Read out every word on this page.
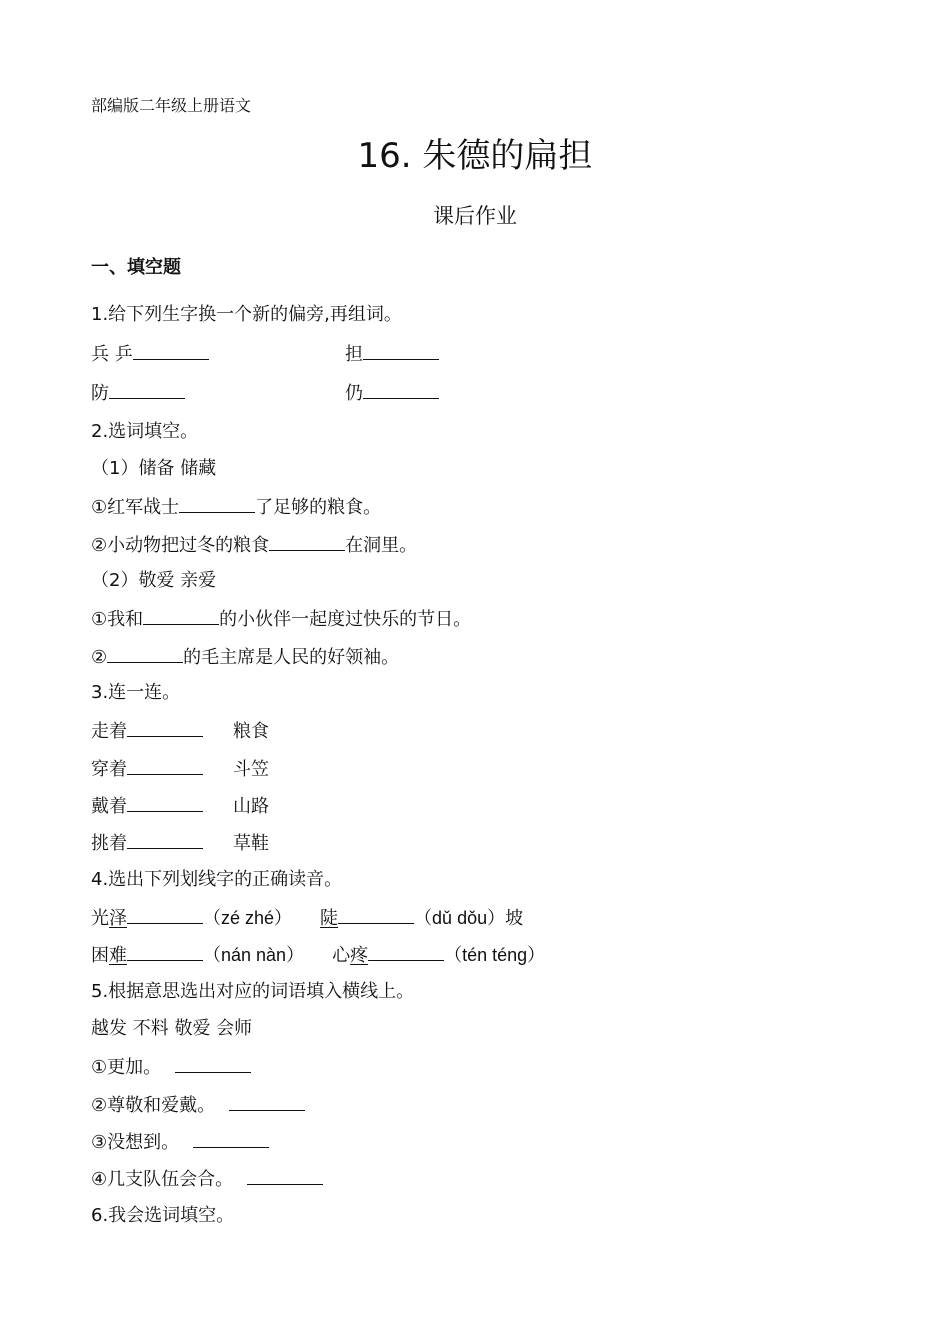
部编版二年级上册语文
16. 朱德的扁担
课后作业
一、填空题
1.给下列生字换一个新的偏旁,再组词。
兵 乒	担
防	仍
2.选词填空。
（1）储备 储藏
①红军战士	了足够的粮食。
②小动物把过冬的粮食	在洞里。
（2）敬爱 亲爱
①我和	的小伙伴一起度过快乐的节日。
②	的毛主席是人民的好领袖。
3.连一连。
走着	粮食
穿着	斗笠
戴着	山路
挑着	草鞋
4.选出下列划线字的正确读音。
光泽	（zé zhé） 陡	（dǔ dǒu）坡
困难	（nán nàn） 心疼	（tén téng）
5.根据意思选出对应的词语填入横线上。
越发 不料 敬爱 会师
①更加。
②尊敬和爱戴。
③没想到。
④几支队伍会合。
6.我会选词填空。
